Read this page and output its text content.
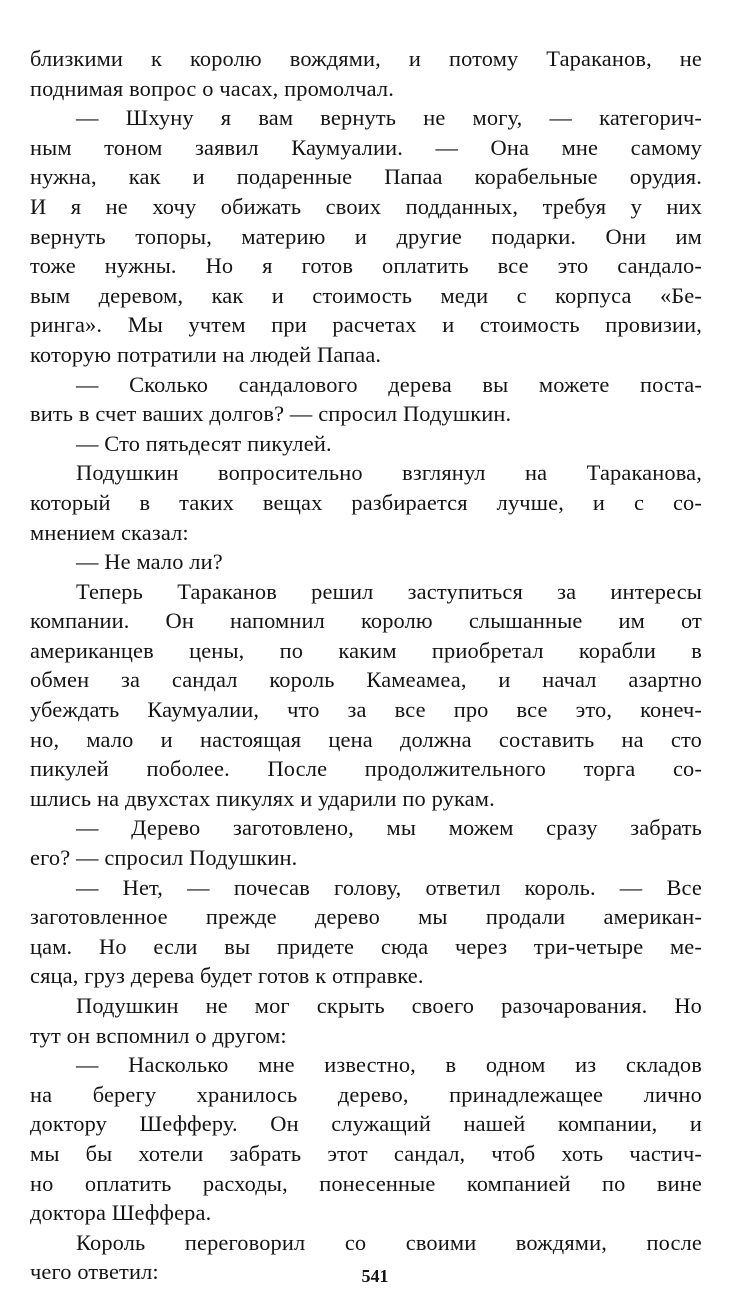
близкими к королю вождями, и потому Тараканов, не
поднимая вопрос о часах, промолчал.
— Шхуну я вам вернуть не могу, — категорич-
ным тоном заявил Каумуалии. — Она мне самому
нужна, как и подаренные Папаа корабельные орудия.
И я не хочу обижать своих подданных, требуя у них
вернуть топоры, материю и другие подарки. Они им
тоже нужны. Но я готов оплатить все это сандало-
вым деревом, как и стоимость меди с корпуса «Бе-
ринга». Мы учтем при расчетах и стоимость провизии,
которую потратили на людей Папаа.
— Сколько сандалового дерева вы можете поста-
вить в счет ваших долгов? — спросил Подушкин.
— Сто пятьдесят пикулей.
Подушкин вопросительно взглянул на Тараканова,
который в таких вещах разбирается лучше, и с со-
мнением сказал:
— Не мало ли?
Теперь Тараканов решил заступиться за интересы
компании. Он напомнил королю слышанные им от
американцев цены, по каким приобретал корабли в
обмен за сандал король Камеамеа, и начал азартно
убеждать Каумуалии, что за все про все это, конеч-
но, мало и настоящая цена должна составить на сто
пикулей поболее. После продолжительного торга со-
шлись на двухстах пикулях и ударили по рукам.
— Дерево заготовлено, мы можем сразу забрать
его? — спросил Подушкин.
— Нет, — почесав голову, ответил король. — Все
заготовленное прежде дерево мы продали американ-
цам. Но если вы придете сюда через три-четыре ме-
сяца, груз дерева будет готов к отправке.
Подушкин не мог скрыть своего разочарования. Но
тут он вспомнил о другом:
— Насколько мне известно, в одном из складов
на берегу хранилось дерево, принадлежащее лично
доктору Шефферу. Он служащий нашей компании, и
мы бы хотели забрать этот сандал, чтоб хоть частич-
но оплатить расходы, понесенные компанией по вине
доктора Шеффера.
Король переговорил со своими вождями, после
чего ответил:	541
